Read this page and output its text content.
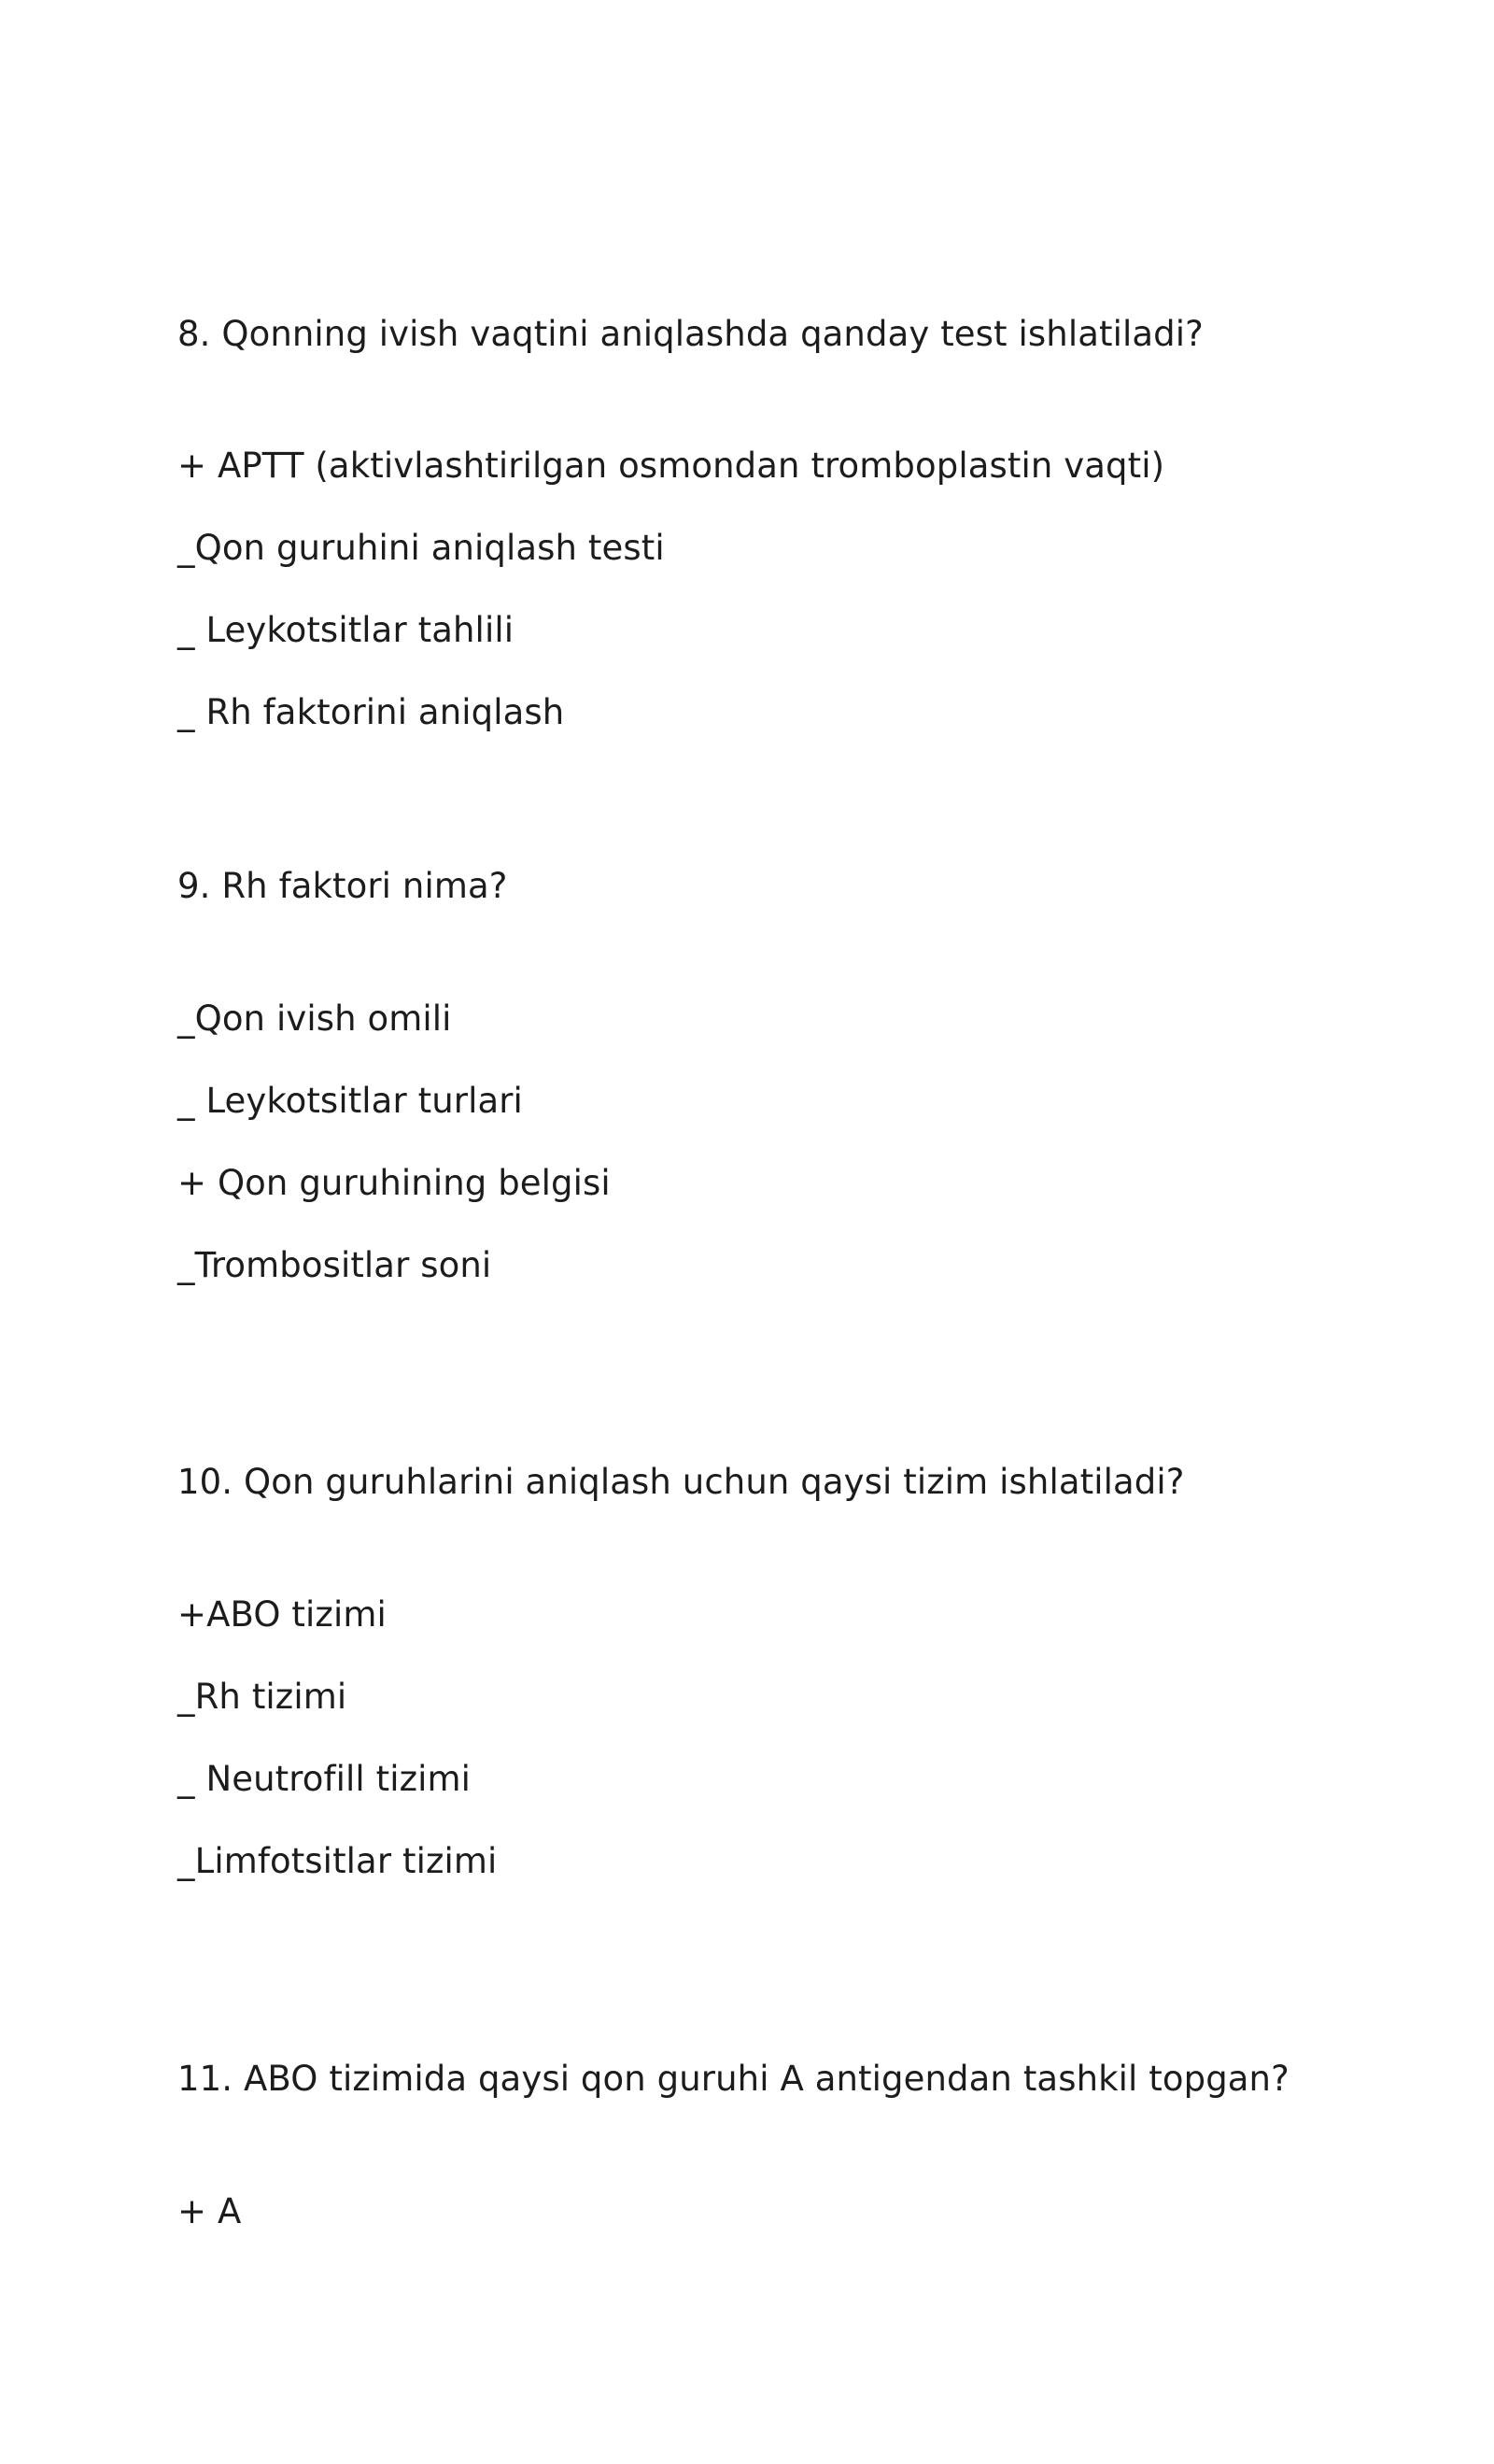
8. Qonning ivish vaqtini aniqlashda qanday test ishlatiladi?
+ APTT (aktivlashtirilgan osmondan tromboplastin vaqti)
_Qon guruhini aniqlash testi
_ Leykotsitlar tahlili
_ Rh faktorini aniqlash
9. Rh faktori nima?
_Qon ivish omili
_ Leykotsitlar turlari
+ Qon guruhining belgisi
_Trombositlar soni
10. Qon guruhlarini aniqlash uchun qaysi tizim ishlatiladi?
+ABO tizimi
_Rh tizimi
_ Neutrofill tizimi
_Limfotsitlar tizimi
11. ABO tizimida qaysi qon guruhi A antigendan tashkil topgan?
+ A
